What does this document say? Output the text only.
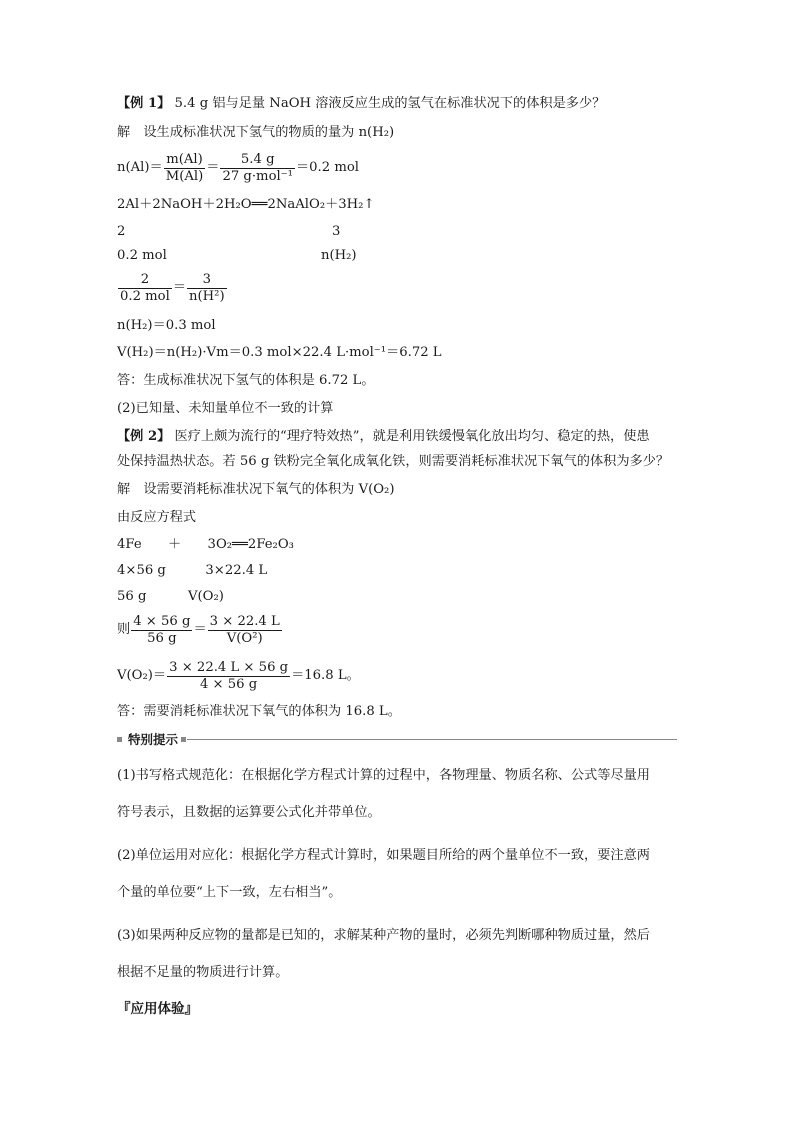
【例 1】 5.4 g 铝与足量 NaOH 溶液反应生成的氢气在标准状况下的体积是多少？
解　设生成标准状况下氢气的物质的量为 n(H₂)
$n(Al)= \frac{m(Al)}{M(Al)} = \frac{5.4 g}{\text{27 g·mol⁻¹}} =0.2$ mol
2Al＋2NaOH＋2H₂O══2NaAlO₂＋3H₂↑
2	3
0.2 mol	n(H₂)
$\frac{2}{\text{0.2 mol}} = \frac{3}{\text{n(H²)}}$
n(H₂)＝0.3 mol
V(H₂)＝n(H₂)·Vm＝0.3 mol×22.4 L·mol⁻¹＝6.72 L
答：生成标准状况下氢气的体积是 6.72 L。
(2)已知量、未知量单位不一致的计算
【例 2】 医疗上颇为流行的“理疗特效热”，就是利用铁缓慢氧化放出均匀、稳定的热，使患
处保持温热状态。若 56 g 铁粉完全氧化成氧化铁，则需要消耗标准状况下氧气的体积为多少？
解　设需要消耗标准状况下氧气的体积为 V(O₂)
由反应方程式
4Fe　　＋　　3O₂══2Fe₂O₃
4×56 g　　　3×22.4 L
56 g	V(O₂)
则 $\frac{4 \times 56 g}{56 g} = \frac{3 \times 22.4 L}{\text{V(O²)}}$
$V(O_2)= \frac{3 \times 22.4 L \times 56 g}{4 \times 56 g} =16.8$ L。
答：需要消耗标准状况下氧气的体积为 16.8 L。
特别提示
(1)书写格式规范化：在根据化学方程式计算的过程中，各物理量、物质名称、公式等尽量用
符号表示，且数据的运算要公式化并带单位。
(2)单位运用对应化：根据化学方程式计算时，如果题目所给的两个量单位不一致，要注意两
个量的单位要“上下一致，左右相当”。
(3)如果两种反应物的量都是已知的，求解某种产物的量时，必须先判断哪种物质过量，然后
根据不足量的物质进行计算。
『应用体验』
